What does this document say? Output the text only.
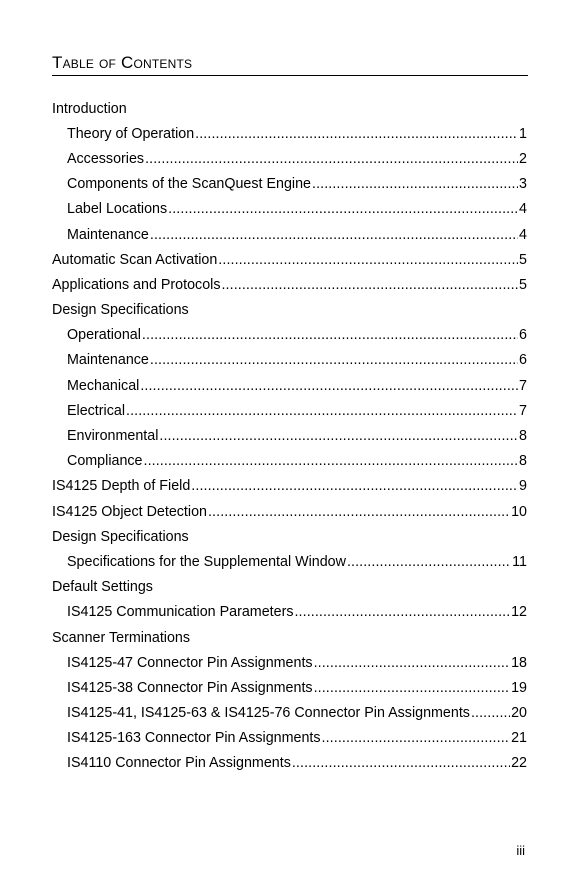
Table of Contents
Introduction
Theory of Operation .....	1
Accessories .....	2
Components of the ScanQuest Engine .....	3
Label Locations .....	4
Maintenance .....	4
Automatic Scan Activation .....	5
Applications and Protocols .....	5
Design Specifications
Operational .....	6
Maintenance .....	6
Mechanical .....	7
Electrical .....	7
Environmental .....	8
Compliance .....	8
IS4125 Depth of Field .....	9
IS4125 Object Detection .....	10
Design Specifications
Specifications for the Supplemental Window .....	11
Default Settings
IS4125 Communication Parameters .....	12
Scanner Terminations
IS4125-47 Connector Pin Assignments .....	18
IS4125-38 Connector Pin Assignments .....	19
IS4125-41, IS4125-63 & IS4125-76 Connector Pin Assignments .....	20
IS4125-163 Connector Pin Assignments .....	21
IS4110 Connector Pin Assignments .....	22
iii
